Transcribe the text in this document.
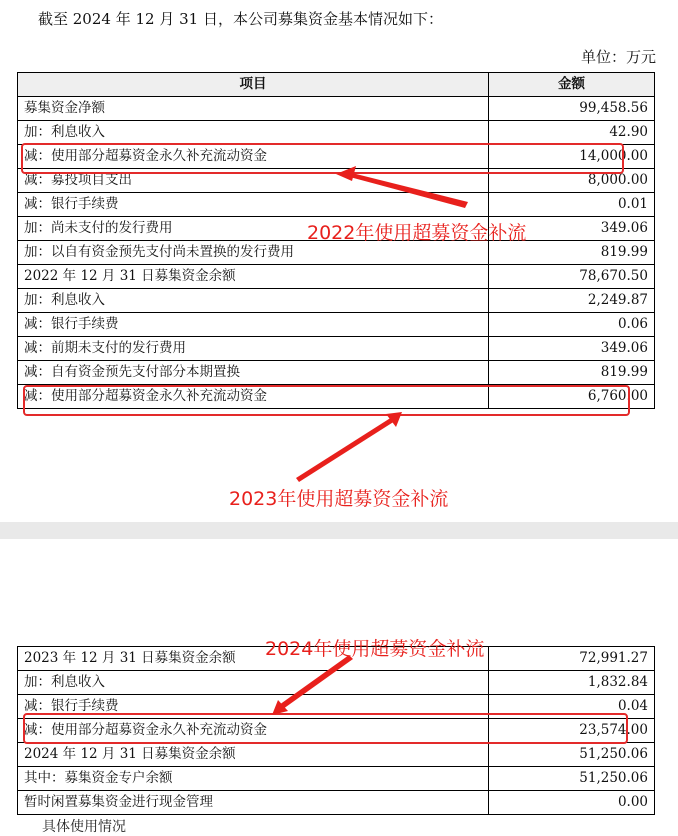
截至 2024 年 12 月 31 日，本公司募集资金基本情况如下：
单位：万元
项目	金额
募集资金净额	99,458.56
加：利息收入	42.90
减：使用部分超募资金永久补充流动资金	14,000.00
减：募投项目支出	8,000.00
减：银行手续费	0.01
加：尚未支付的发行费用	349.06
加：以自有资金预先支付尚未置换的发行费用	819.99
2022 年 12 月 31 日募集资金余额	78,670.50
加：利息收入	2,249.87
减：银行手续费	0.06
减：前期未支付的发行费用	349.06
减：自有资金预先支付部分本期置换	819.99
减：使用部分超募资金永久补充流动资金	6,760.00
2022年使用超募资金补流
2023年使用超募资金补流
2023 年 12 月 31 日募集资金余额	72,991.27
加：利息收入	1,832.84
减：银行手续费	0.04
减：使用部分超募资金永久补充流动资金	23,574.00
2024 年 12 月 31 日募集资金余额	51,250.06
其中：募集资金专户余额	51,250.06
暂时闲置募集资金进行现金管理	0.00
2024年使用超募资金补流
具体使用情况
